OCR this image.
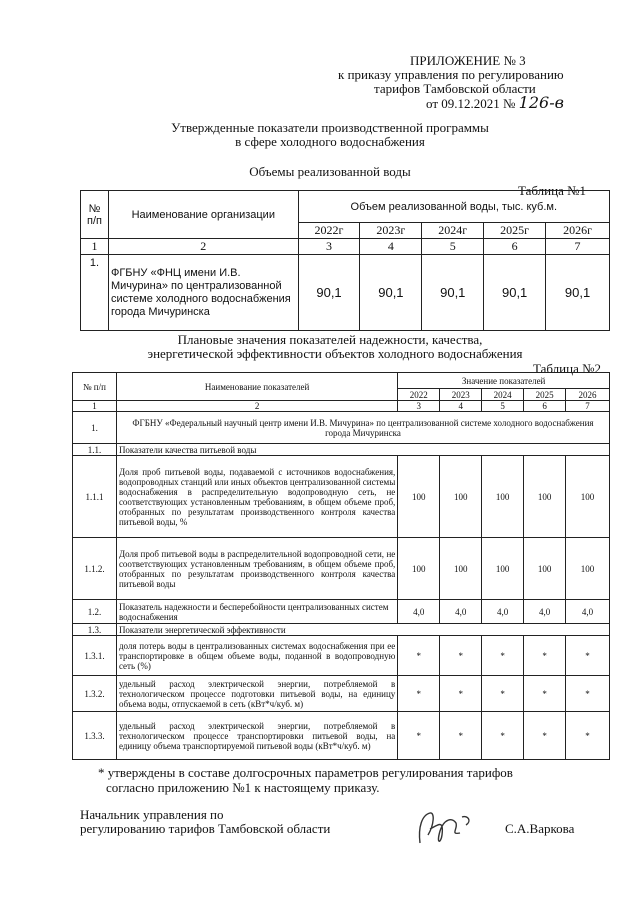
ПРИЛОЖЕНИЕ № 3
к приказу управления по регулированию
тарифов Тамбовской области
от 09.12.2021 № 126-в
Утвержденные показатели производственной программы
в сфере холодного водоснабжения
Объемы реализованной воды
Таблица №1
№ п/п	Наименование организации	Объем реализованной воды, тыс. куб.м.				
		2022г	2023г	2024г	2025г	2026г
1	2	3	4	5	6	7
1.	ФГБНУ «ФНЦ имени И.В. Мичурина» по централизованной системе холодного водоснабжения города Мичуринска	90,1	90,1	90,1	90,1	90,1
Плановые значения показателей надежности, качества,
энергетической эффективности объектов холодного водоснабжения
Таблица №2
№ п/п	Наименование показателей	Значение показателей				
		2022	2023	2024	2025	2026
1	2	3	4	5	6	7
1.	ФГБНУ «Федеральный научный центр имени И.В. Мичурина» по централизованной системе холодного водоснабжения города Мичуринска					
1.1.	Показатели качества питьевой воды					
1.1.1	Доля проб питьевой воды, подаваемой с источников водоснабжения, водопроводных станций или иных объектов централизованной системы водоснабжения в распределительную водопроводную сеть, не соответствующих установленным требованиям, в общем объеме проб, отобранных по результатам производственного контроля качества питьевой воды, %	100	100	100	100	100
1.1.2.	Доля проб питьевой воды в распределительной водопроводной сети, не соответствующих установленным требованиям, в общем объеме проб, отобранных по результатам производственного контроля качества питьевой воды	100	100	100	100	100
1.2.	Показатель надежности и бесперебойности централизованных систем водоснабжения	4,0	4,0	4,0	4,0	4,0
1.3.	Показатели энергетической эффективности					
1.3.1.	доля потерь воды в централизованных системах водоснабжения при ее транспортировке в общем объеме воды, поданной в водопроводную сеть (%)	*	*	*	*	*
1.3.2.	удельный расход электрической энергии, потребляемой в технологическом процессе подготовки питьевой воды, на единицу объема воды, отпускаемой в сеть (кВт*ч/куб. м)	*	*	*	*	*
1.3.3.	удельный расход электрической энергии, потребляемой в технологическом процессе транспортировки питьевой воды, на единицу объема транспортируемой питьевой воды (кВт*ч/куб. м)	*	*	*	*	*
* утверждены в составе долгосрочных параметров регулирования тарифов
согласно приложению №1 к настоящему приказу.
Начальник управления по
регулированию тарифов Тамбовской области	С.А.Варкова
